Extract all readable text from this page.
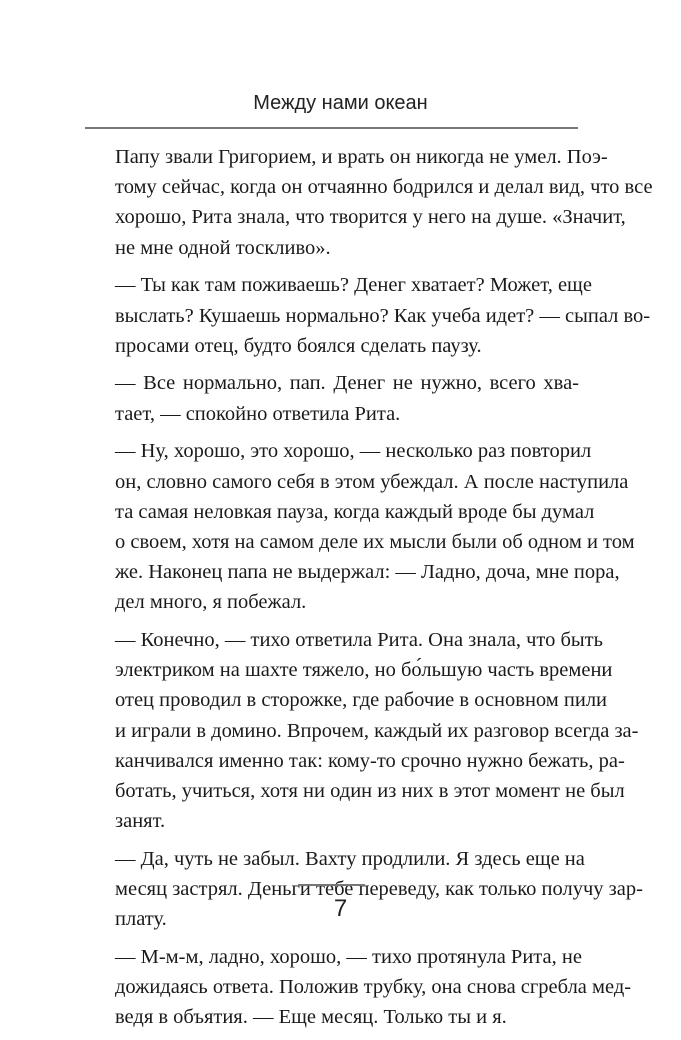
Между нами океан

Папу звали Григорием, и врать он никогда не умел. Поэ-
тому сейчас, когда он отчаянно бодрился и делал вид, что все
хорошо, Рита знала, что творится у него на душе. «Значит,
не мне одной тоскливо».

— Ты как там поживаешь? Денег хватает? Может, еще
выслать? Кушаешь нормально? Как учеба идет? — сыпал во-
просами отец, будто боялся сделать паузу.

— Все нормально, пап. Денег не нужно, всего хва-
тает, — спокойно ответила Рита.

— Ну, хорошо, это хорошо, — несколько раз повторил
он, словно самого себя в этом убеждал. А после наступила
та самая неловкая пауза, когда каждый вроде бы думал
о своем, хотя на самом деле их мысли были об одном и том
же. Наконец папа не выдержал: — Ладно, доча, мне пора,
дел много, я побежал.

— Конечно, — тихо ответила Рита. Она знала, что быть
электриком на шахте тяжело, но бо́льшую часть времени
отец проводил в сторожке, где рабочие в основном пили
и играли в домино. Впрочем, каждый их разговор всегда за-
канчивался именно так: кому-то срочно нужно бежать, ра-
ботать, учиться, хотя ни один из них в этот момент не был
занят.

— Да, чуть не забыл. Вахту продлили. Я здесь еще на
месяц застрял. Деньги тебе переведу, как только получу зар-
плату.

— М-м-м, ладно, хорошо, — тихо протянула Рита, не
дожидаясь ответа. Положив трубку, она снова сгребла мед-
ведя в объятия. — Еще месяц. Только ты и я.

7
